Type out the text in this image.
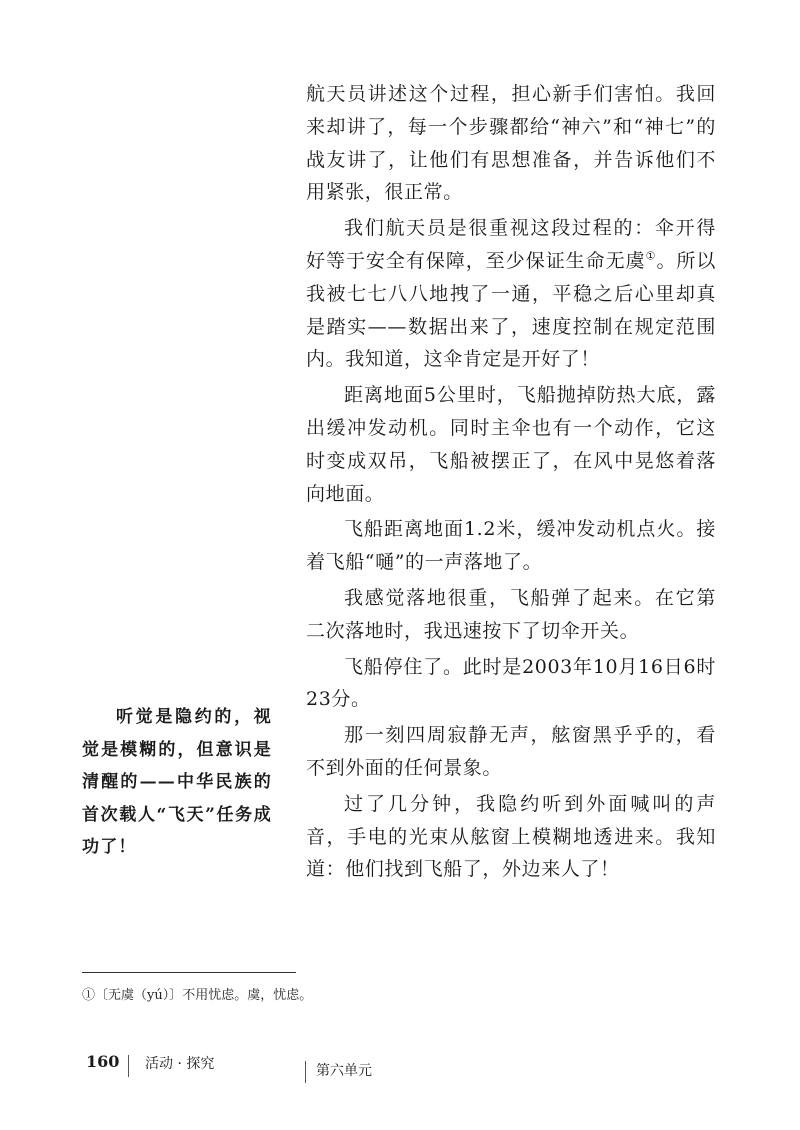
航天员讲述这个过程，担心新手们害怕。我回来却讲了，每一个步骤都给“神六”和“神七”的战友讲了，让他们有思想准备，并告诉他们不用紧张，很正常。

我们航天员是很重视这段过程的：伞开得好等于安全有保障，至少保证生命无虞①。所以我被七七八八地拽了一通，平稳之后心里却真是踏实——数据出来了，速度控制在规定范围内。我知道，这伞肯定是开好了！

距离地面5公里时，飞船抛掉防热大底，露出缓冲发动机。同时主伞也有一个动作，它这时变成双吊，飞船被摆正了，在风中晃悠着落向地面。

飞船距离地面1.2米，缓冲发动机点火。接着飞船“嗵”的一声落地了。

我感觉落地很重，飞船弹了起来。在它第二次落地时，我迅速按下了切伞开关。

飞船停住了。此时是2003年10月16日6时23分。

那一刻四周寂静无声，舷窗黑乎乎的，看不到外面的任何景象。

过了几分钟，我隐约听到外面喊叫的声音，手电的光束从舷窗上模糊地透进来。我知道：他们找到飞船了，外边来人了！

听觉是隐约的，视觉是模糊的，但意识是清醒的——中华民族的首次载人“飞天”任务成功了！
①〔无虞（yú）〕不用忧虑。虞，忧虑。
160 活动 · 探究	第六单元
